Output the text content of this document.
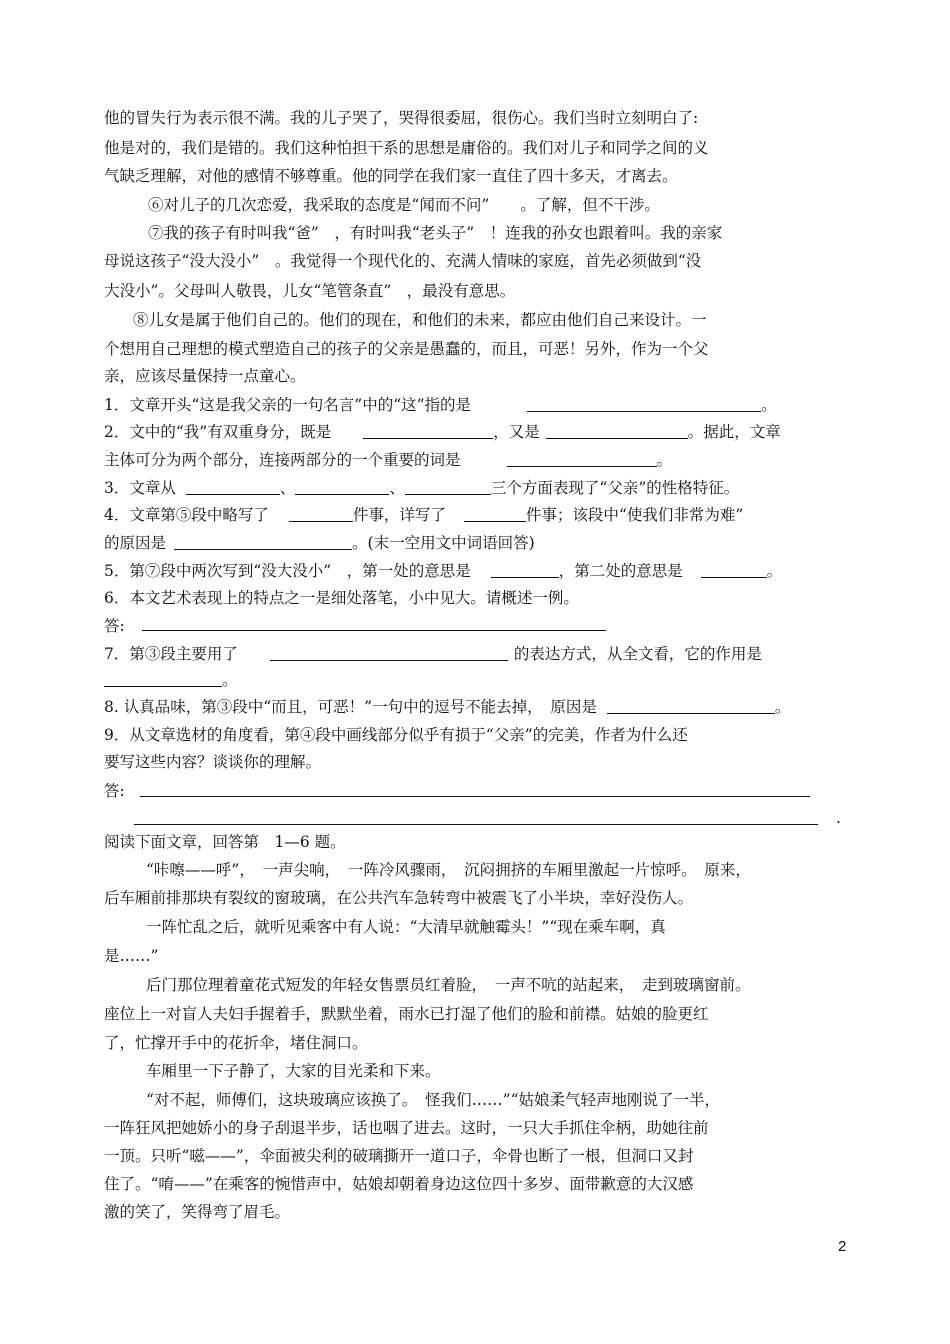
他的冒失行为表示很不满。我的儿子哭了，哭得很委屈，很伤心。我们当时立刻明白了:
他是对的，我们是错的。我们这种怕担干系的思想是庸俗的。我们对儿子和同学之间的义
气缺乏理解，对他的感情不够尊重。他的同学在我们家一直住了四十多天，才离去。
⑥对儿子的几次恋爱，我采取的态度是“闻而不问”　　。了解，但不干涉。
⑦我的孩子有时叫我“爸”　，有时叫我“老头子”　！连我的孙女也跟着叫。我的亲家
母说这孩子“没大没小”　。我觉得一个现代化的、充满人情味的家庭，首先必须做到“没
大没小”。父母叫人敬畏，儿女“笔管条直”　，最没有意思。
⑧儿女是属于他们自己的。他们的现在，和他们的未来，都应由他们自己来设计。一
个想用自己理想的模式塑造自己的孩子的父亲是愚蠢的，而且，可恶！另外，作为一个父
亲，应该尽量保持一点童心。
1．文章开头“这是我父亲的一句名言”中的“这”指的是	。
2．文中的“我”有双重身分，既是	，又是	。据此，文章
主体可分为两个部分，连接两部分的一个重要的词是	。
3．文章从	、	、	三个方面表现了“父亲”的性格特征。
4．文章第⑤段中略写了	件事，详写了	件事；该段中“使我们非常为难”
的原因是	。(末一空用文中词语回答)
5．第⑦段中两次写到“没大没小”　，第一处的意思是	，第二处的意思是	。
6．本文艺术表现上的特点之一是细处落笔，小中见大。请概述一例。
答:
7．第③段主要用了	的表达方式，从全文看，它的作用是
。
8. 认真品味，第③段中“而且，可恶！”一句中的逗号不能去掉，　原因是	。
9．从文章选材的角度看，第④段中画线部分似乎有损于“父亲”的完美，作者为什么还
要写这些内容？谈谈你的理解。
答:
.
阅读下面文章，回答第　1—6 题。
“咔嚓——呼”，　一声尖响，　一阵冷风骤雨，　沉闷拥挤的车厢里激起一片惊呼。　原来，
后车厢前排那块有裂纹的窗玻璃，在公共汽车急转弯中被震飞了小半块，幸好没伤人。
一阵忙乱之后，就听见乘客中有人说：“大清早就触霉头！”“现在乘车啊，真
是……”
后门那位理着童花式短发的年轻女售票员红着脸，　一声不吭的站起来，　走到玻璃窗前。
座位上一对盲人夫妇手握着手，默默坐着，雨水已打湿了他们的脸和前襟。姑娘的脸更红
了，忙撑开手中的花折伞，堵住洞口。
车厢里一下子静了，大家的目光柔和下来。
“对不起，师傅们，这块玻璃应该换了。　怪我们……”“姑娘柔气轻声地刚说了一半，
一阵狂风把她娇小的身子刮退半步，话也咽了进去。这时，一只大手抓住伞柄，助她往前
一顶。只听“嗞——”，伞面被尖利的破璃撕开一道口子，伞骨也断了一根，但洞口又封
住了。“唷——”在乘客的惋惜声中，姑娘却朝着身边这位四十多岁、面带歉意的大汉感
激的笑了，笑得弯了眉毛。
2
